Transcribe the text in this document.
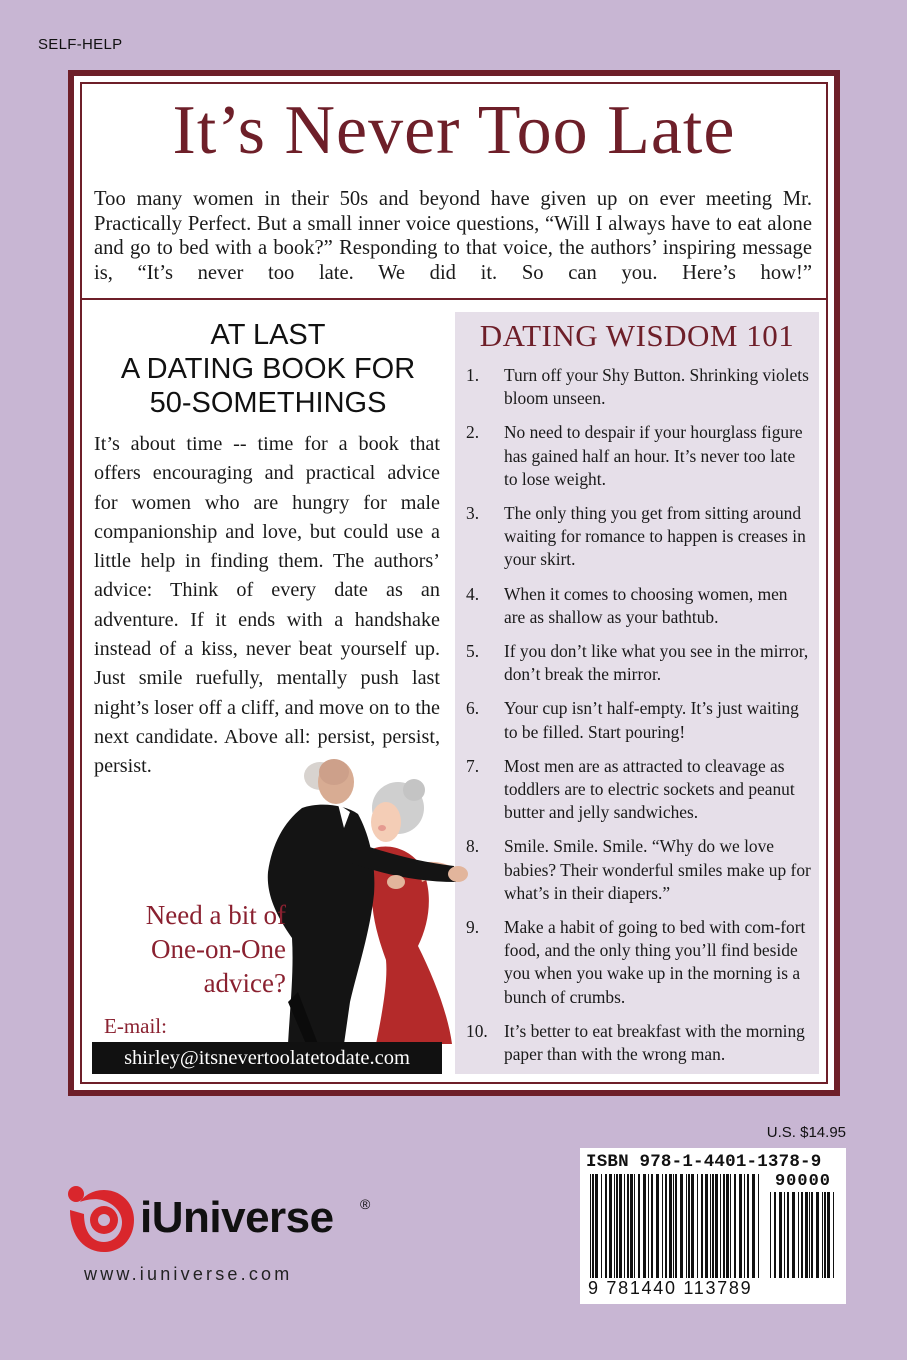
SELF-HELP
It’s Never Too Late
Too many women in their 50s and beyond have given up on ever meeting Mr. Practically Perfect. But a small inner voice questions, “Will I always have to eat alone and go to bed with a book?” Responding to that voice, the authors’ inspiring message is, “It’s never too late. We did it. So can you. Here’s how!”
AT LAST
A DATING BOOK FOR
50-SOMETHINGS
It’s about time -- time for a book that offers encouraging and practical advice for women who are hungry for male companionship and love, but could use a little help in finding them. The authors’ advice: Think of every date as an adventure. If it ends with a handshake instead of a kiss, never beat yourself up. Just smile ruefully, mentally push last night’s loser off a cliff, and move on to the next candidate. Above all: persist, persist, persist.
DATING WISDOM 101
1. Turn off your Shy Button. Shrinking violets bloom unseen.
2. No need to despair if your hourglass figure has gained half an hour. It’s never too late to lose weight.
3. The only thing you get from sitting around waiting for romance to happen is creases in your skirt.
4. When it comes to choosing women, men are as shallow as your bathtub.
5. If you don’t like what you see in the mirror, don’t break the mirror.
6. Your cup isn’t half-empty. It’s just waiting to be filled. Start pouring!
7. Most men are as attracted to cleavage as toddlers are to electric sockets and peanut butter and jelly sandwiches.
8. Smile. Smile. Smile. “Why do we love babies? Their wonderful smiles make up for what’s in their diapers.”
9. Make a habit of going to bed with com-fort food, and the only thing you’ll find beside you when you wake up in the morning is a bunch of crumbs.
10. It’s better to eat breakfast with the morning paper than with the wrong man.
Need a bit of
One-on-One
advice?
E-mail:
shirley@itsnevertoolatetodate.com
U.S. $14.95
ISBN 978-1-4401-1378-9
90000
9 781440 113789
iUniverse ®
www.iuniverse.com
